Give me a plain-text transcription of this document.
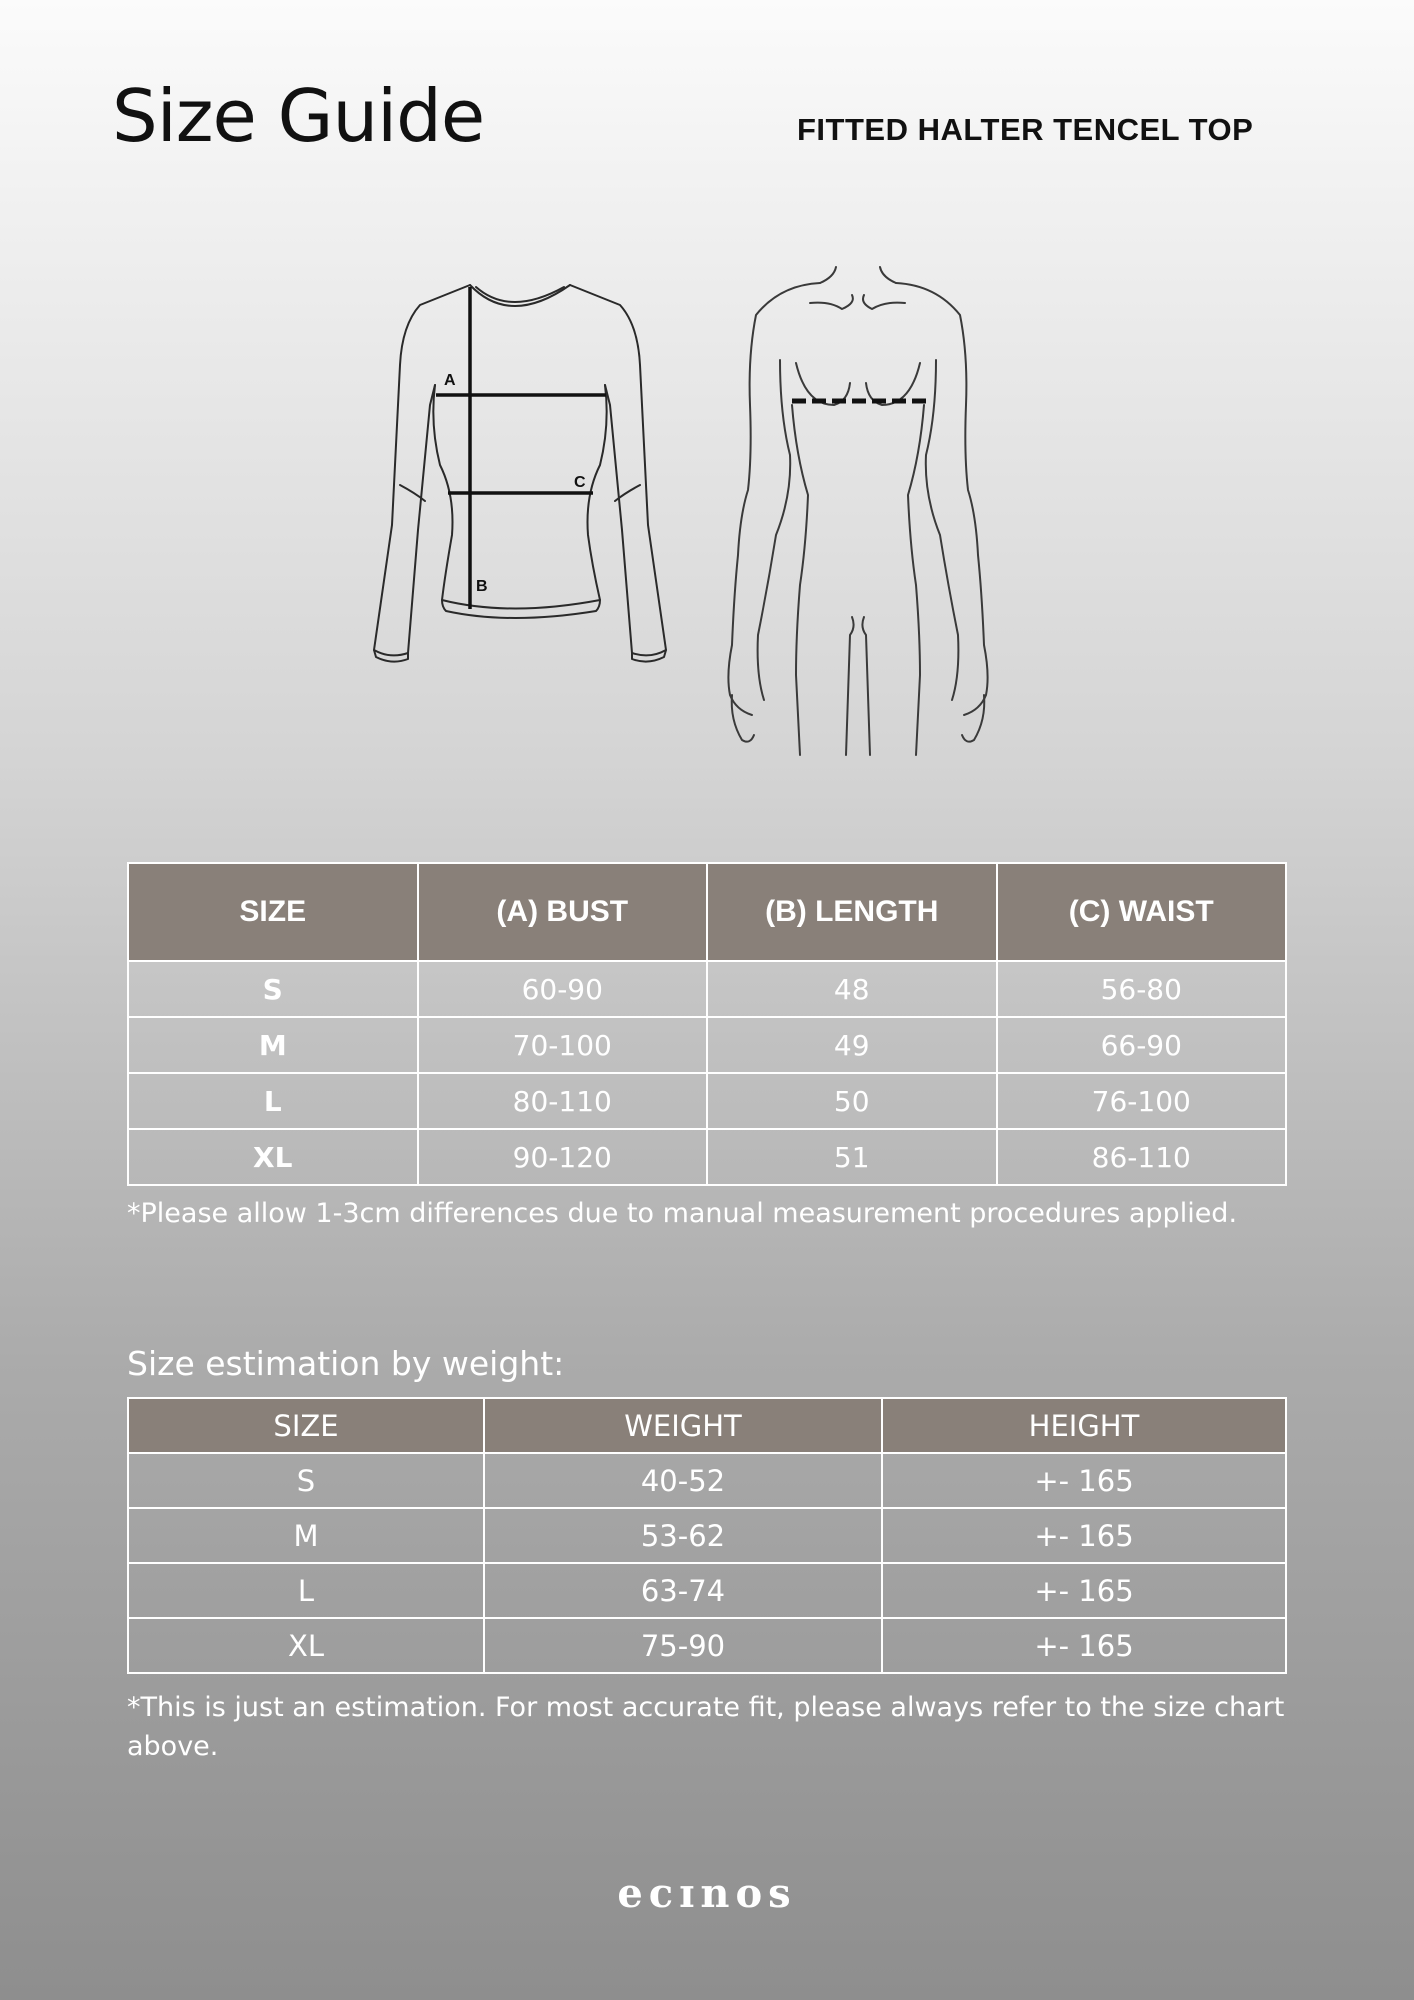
Size Guide	FITTED HALTER TENCEL TOP
A
B
C
SIZE	(A) BUST	(B) LENGTH	(C) WAIST
S	60-90	48	56-80
M	70-100	49	66-90
L	80-110	50	76-100
XL	90-120	51	86-110
*Please allow 1-3cm differences due to manual measurement procedures applied.
Size estimation by weight:
SIZE	WEIGHT	HEIGHT
S	40-52	+- 165
M	53-62	+- 165
L	63-74	+- 165
XL	75-90	+- 165
*This is just an estimation. For most accurate fit, please always refer to the size chart above.
ecɪnos
